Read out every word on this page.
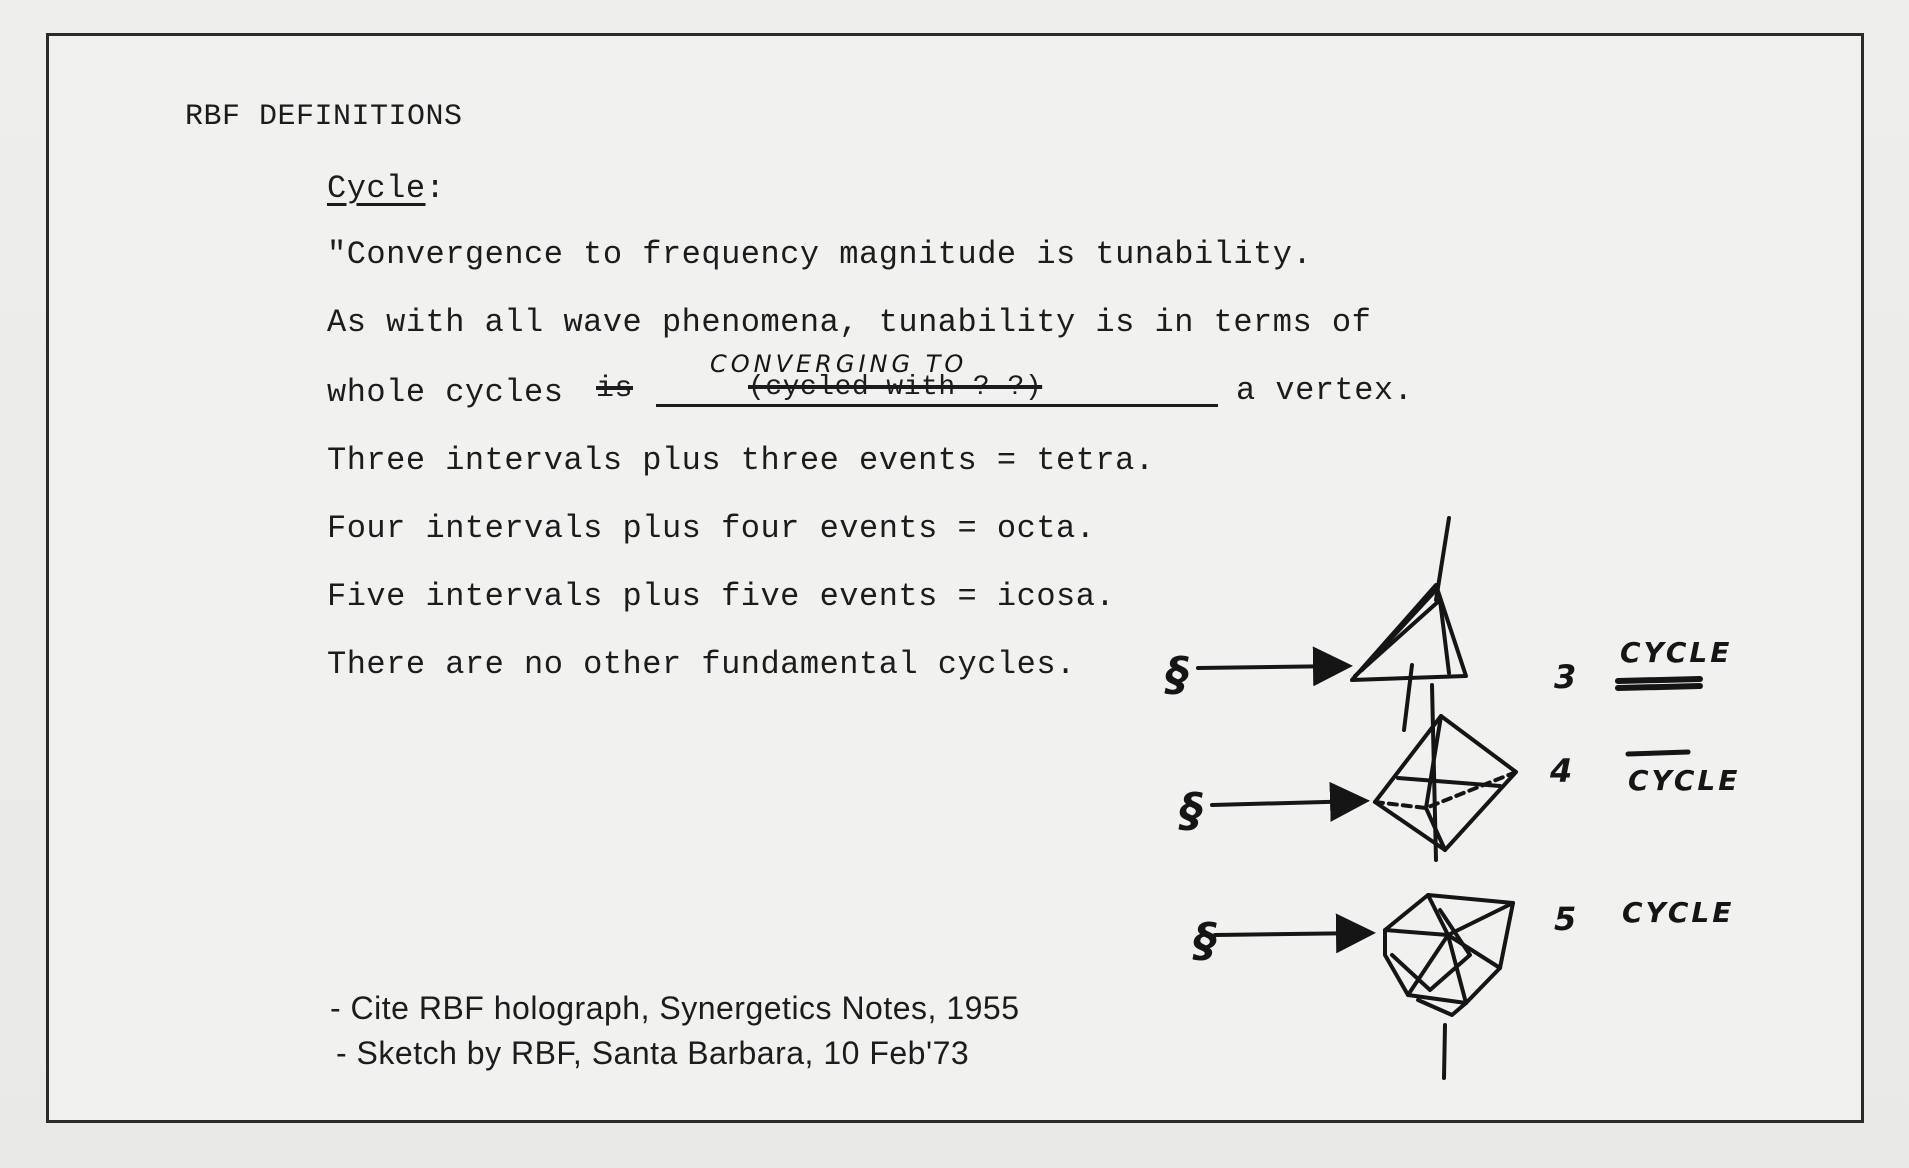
RBF DEFINITIONS
Cycle:
"Convergence to frequency magnitude is tunability.
As with all wave phenomena, tunability is in terms of
whole cycles is	(cycled with ? ?)
CONVERGING TO
a vertex.
Three intervals plus three events = tetra.
Four intervals plus four events = octa.
Five intervals plus five events = icosa.
There are no other fundamental cycles.
- Cite RBF holograph, Synergetics Notes, 1955
- Sketch by RBF, Santa Barbara, 10 Feb'73
§
§
§
3
CYCLE
4 CYCLE
5 CYCLE
